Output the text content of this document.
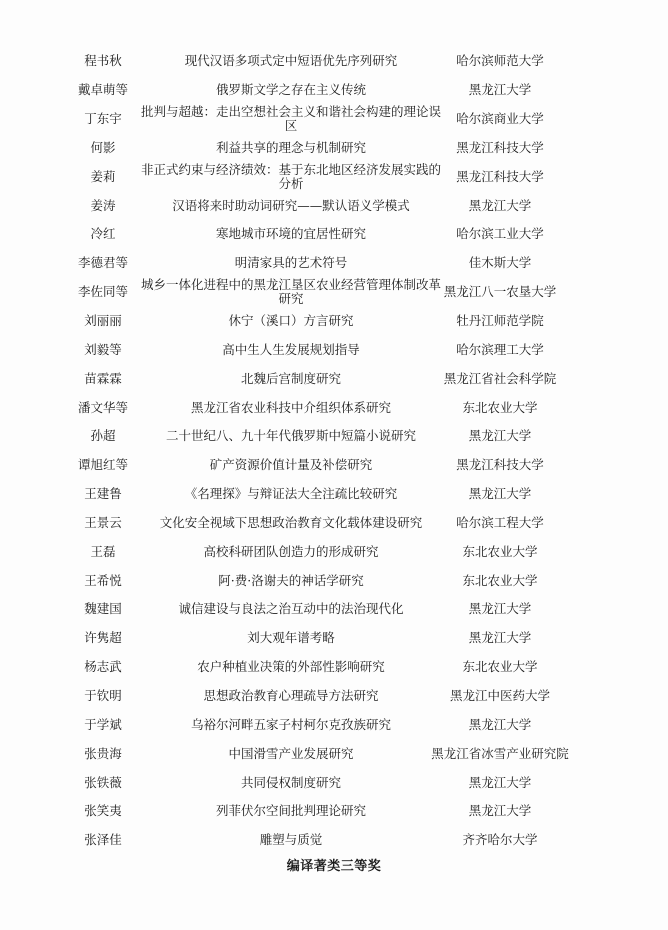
程书秋	现代汉语多项式定中短语优先序列研究	哈尔滨师范大学
戴卓萌等	俄罗斯文学之存在主义传统	黑龙江大学
丁东宇	批判与超越：走出空想社会主义和谐社会构建的理论误区	哈尔滨商业大学
何影	利益共享的理念与机制研究	黑龙江科技大学
姜莉	非正式约束与经济绩效：基于东北地区经济发展实践的分析	黑龙江科技大学
姜涛	汉语将来时助动词研究——默认语义学模式	黑龙江大学
冷红	寒地城市环境的宜居性研究	哈尔滨工业大学
李德君等	明清家具的艺术符号	佳木斯大学
李佐同等	城乡一体化进程中的黑龙江垦区农业经营管理体制改革研究	黑龙江八一农垦大学
刘丽丽	休宁（溪口）方言研究	牡丹江师范学院
刘毅等	高中生人生发展规划指导	哈尔滨理工大学
苗霖霖	北魏后宫制度研究	黑龙江省社会科学院
潘文华等	黑龙江省农业科技中介组织体系研究	东北农业大学
孙超	二十世纪八、九十年代俄罗斯中短篇小说研究	黑龙江大学
谭旭红等	矿产资源价值计量及补偿研究	黑龙江科技大学
王建鲁	《名理探》与辩证法大全注疏比较研究	黑龙江大学
王景云	文化安全视域下思想政治教育文化载体建设研究	哈尔滨工程大学
王磊	高校科研团队创造力的形成研究	东北农业大学
王希悦	阿·费·洛谢夫的神话学研究	东北农业大学
魏建国	诚信建设与良法之治互动中的法治现代化	黑龙江大学
许隽超	刘大观年谱考略	黑龙江大学
杨志武	农户种植业决策的外部性影响研究	东北农业大学
于钦明	思想政治教育心理疏导方法研究	黑龙江中医药大学
于学斌	乌裕尔河畔五家子村柯尔克孜族研究	黑龙江大学
张贵海	中国滑雪产业发展研究	黑龙江省冰雪产业研究院
张铁薇	共同侵权制度研究	黑龙江大学
张笑夷	列菲伏尔空间批判理论研究	黑龙江大学
张泽佳	雕塑与质觉	齐齐哈尔大学
编译著类三等奖
